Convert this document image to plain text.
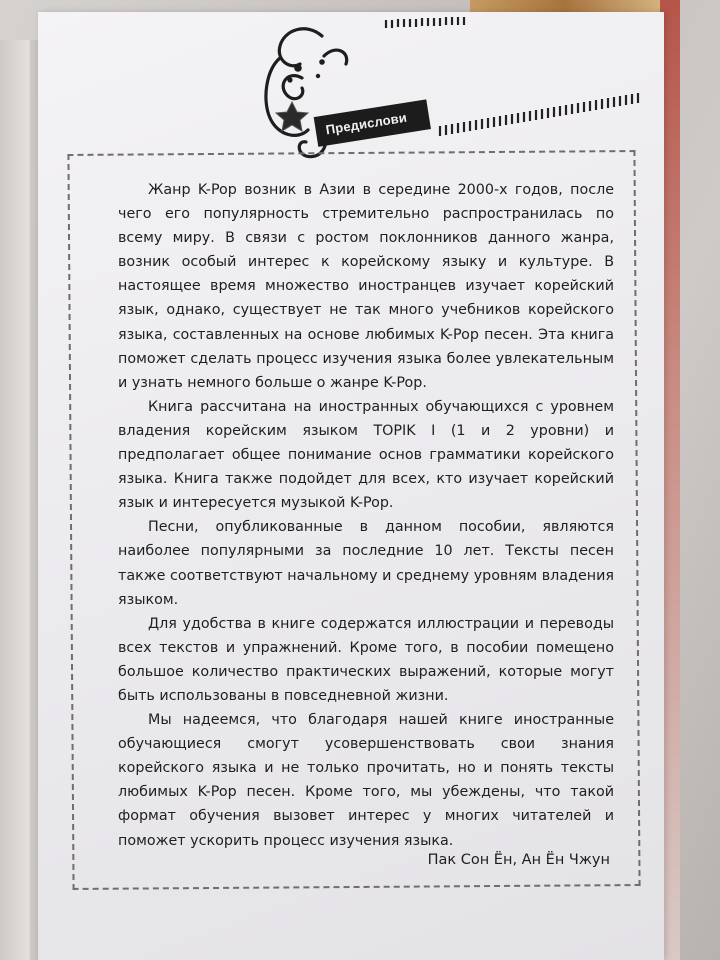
Предислови

Жанр K-Pop возник в Азии в середине 2000-х годов, после чего его популярность стремительно распространилась по всему миру. В связи с ростом поклонников данного жанра, возник особый интерес к корейскому языку и культуре. В настоящее время множество иностранцев изучает корейский язык, однако, существует не так много учебников корейского языка, составленных на основе любимых K-Pop песен. Эта книга поможет сделать процесс изучения языка более увлекательным и узнать немного больше о жанре K-Pop.

Книга рассчитана на иностранных обучающихся с уровнем владения корейским языком TOPIK I (1 и 2 уровни) и предполагает общее понимание основ грамматики корейского языка. Книга также подойдет для всех, кто изучает корейский язык и интересуется музыкой K-Pop.

Песни, опубликованные в данном пособии, являются наиболее популярными за последние 10 лет. Тексты песен также соответствуют начальному и среднему уровням владения языком.

Для удобства в книге содержатся иллюстрации и переводы всех текстов и упражнений. Кроме того, в пособии помещено большое количество практических выражений, которые могут быть использованы в повседневной жизни.

Мы надеемся, что благодаря нашей книге иностранные обучающиеся смогут усовершенствовать свои знания корейского языка и не только прочитать, но и понять тексты любимых K-Pop песен. Кроме того, мы убеждены, что такой формат обучения вызовет интерес у многих читателей и поможет ускорить процесс изучения языка.

Пак Сон Ён, Ан Ён Чжун
